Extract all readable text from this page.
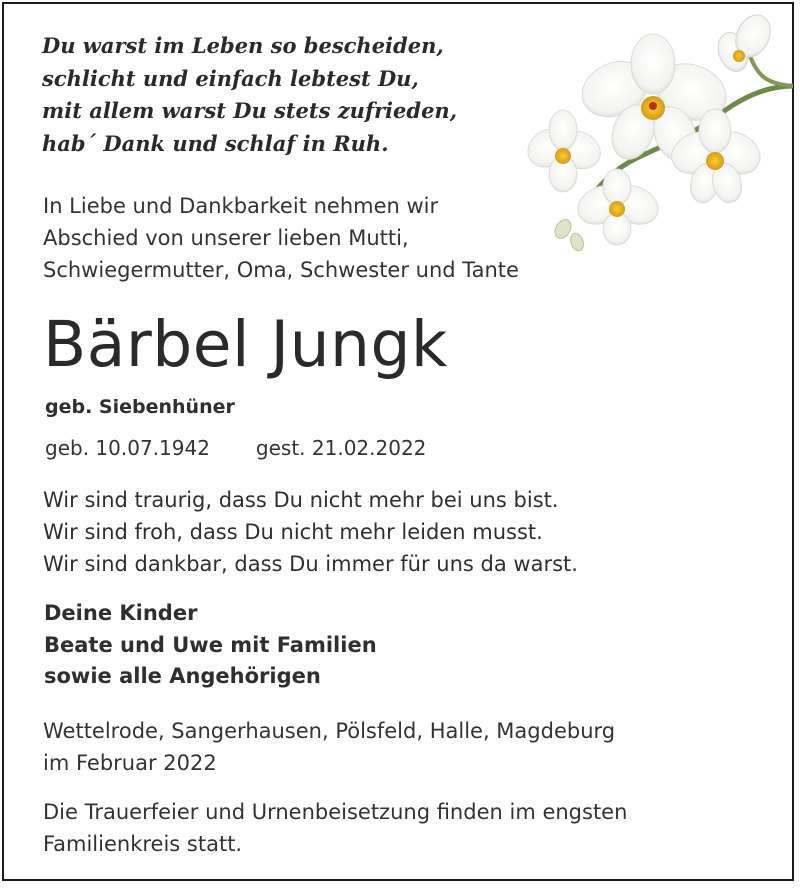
Du warst im Leben so bescheiden,
schlicht und einfach lebtest Du,
mit allem warst Du stets zufrieden,
hab´ Dank und schlaf in Ruh.
In Liebe und Dankbarkeit nehmen wir
Abschied von unserer lieben Mutti,
Schwiegermutter, Oma, Schwester und Tante
Bärbel Jungk
geb. Siebenhüner
geb. 10.07.1942 gest. 21.02.2022
Wir sind traurig, dass Du nicht mehr bei uns bist.
Wir sind froh, dass Du nicht mehr leiden musst.
Wir sind dankbar, dass Du immer für uns da warst.
Deine Kinder
Beate und Uwe mit Familien
sowie alle Angehörigen
Wettelrode, Sangerhausen, Pölsfeld, Halle, Magdeburg
im Februar 2022
Die Trauerfeier und Urnenbeisetzung finden im engsten
Familienkreis statt.
